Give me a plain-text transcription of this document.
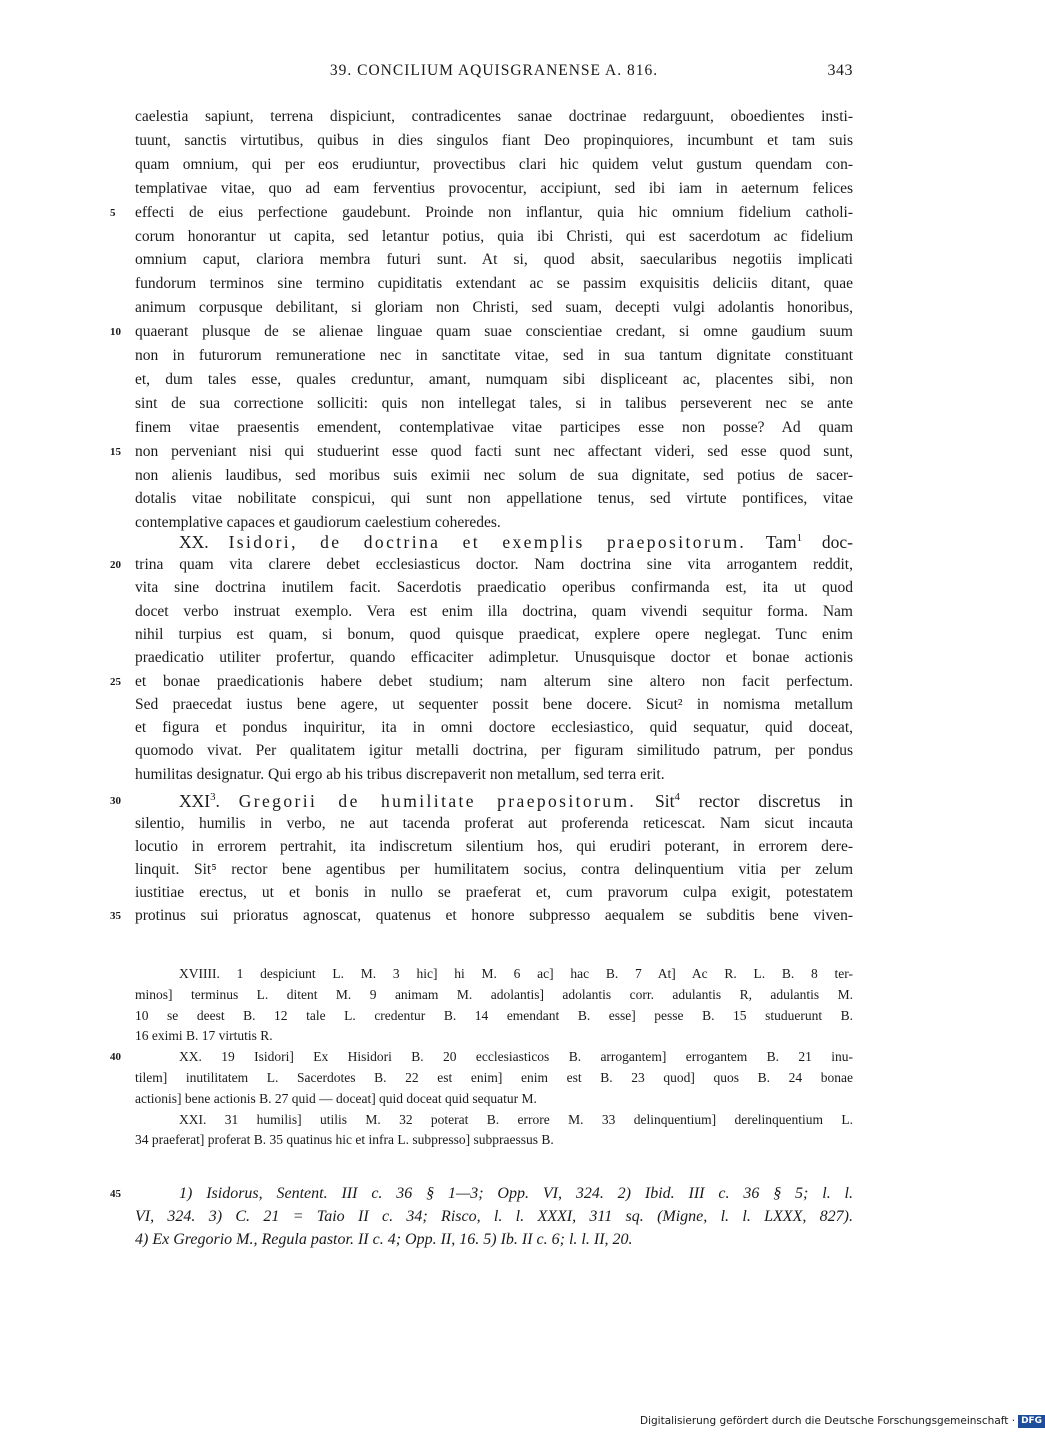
39. CONCILIUM AQUISGRANENSE A. 816.	343
caelestia sapiunt, terrena dispiciunt, contradicentes sanae doctrinae redarguunt, oboedientes insti-
tuunt, sanctis virtutibus, quibus in dies singulos fiant Deo propinquiores, incumbunt et tam suis
quam omnium, qui per eos erudiuntur, provectibus clari hic quidem velut gustum quendam con-
templativae vitae, quo ad eam ferventius provocentur, accipiunt, sed ibi iam in aeternum felices
5	effecti de eius perfectione gaudebunt. Proinde non inflantur, quia hic omnium fidelium catholi-
corum honorantur ut capita, sed letantur potius, quia ibi Christi, qui est sacerdotum ac fidelium
omnium caput, clariora membra futuri sunt. At si, quod absit, saecularibus negotiis implicati
fundorum terminos sine termino cupiditatis extendant ac se passim exquisitis deliciis ditant, quae
animum corpusque debilitant, si gloriam non Christi, sed suam, decepti vulgi adolantis honoribus,
10 quaerant plusque de se alienae linguae quam suae conscientiae credant, si omne gaudium suum
non in futurorum remuneratione nec in sanctitate vitae, sed in sua tantum dignitate constituant
et, dum tales esse, quales creduntur, amant, numquam sibi displiceant ac, placentes sibi, non
sint de sua correctione solliciti: quis non intellegat tales, si in talibus perseverent nec se ante
finem vitae praesentis emendent, contemplativae vitae participes esse non posse? Ad quam
15 non perveniant nisi qui studuerint esse quod facti sunt nec affectant videri, sed esse quod sunt,
non alienis laudibus, sed moribus suis eximii nec solum de sua dignitate, sed potius de sacer-
dotalis vitae nobilitate conspicui, qui sunt non appellatione tenus, sed virtute pontifices, vitae
contemplative capaces et gaudiorum caelestium coheredes.
XX. Isidori, de doctrina et exemplis praepositorum. Tam$^1$ doc-
20 trina quam vita clarere debet ecclesiasticus doctor. Nam doctrina sine vita arrogantem reddit,
vita sine doctrina inutilem facit. Sacerdotis praedicatio operibus confirmanda est, ita ut quod
docet verbo instruat exemplo. Vera est enim illa doctrina, quam vivendi sequitur forma. Nam
nihil turpius est quam, si bonum, quod quisque praedicat, explere opere neglegat. Tunc enim
praedicatio utiliter profertur, quando efficaciter adimpletur. Unusquisque doctor et bonae actionis
25 et bonae praedicationis habere debet studium; nam alterum sine altero non facit perfectum.
Sed praecedat iustus bene agere, ut sequenter possit bene docere. Sicut² in nomisma metallum
et figura et pondus inquiritur, ita in omni doctore ecclesiastico, quid sequatur, quid doceat,
quomodo vivat. Per qualitatem igitur metalli doctrina, per figuram similitudo patrum, per pondus
humilitas designatur. Qui ergo ab his tribus discrepaverit non metallum, sed terra erit.
30	XXI$^3$. Gregorii de humilitate praepositorum. Sit$^4$ rector discretus in
silentio, humilis in verbo, ne aut tacenda proferat aut proferenda reticescat. Nam sicut incauta
locutio in errorem pertrahit, ita indiscretum silentium hos, qui erudiri poterant, in errorem dere-
linquit. Sit⁵ rector bene agentibus per humilitatem socius, contra delinquentium vitia per zelum
iustitiae erectus, ut et bonis in nullo se praeferat et, cum pravorum culpa exigit, potestatem
35 protinus sui prioratus agnoscat, quatenus et honore subpresso aequalem se subditis bene viven-
XVIIII. 1 despiciunt L. M. 3 hic] hi M. 6 ac] hac B. 7 At] Ac R. L. B. 8 ter-
minos] terminus L. ditent M. 9 animam M. adolantis] adolantis corr. adulantis R, adulantis M.
10 se deest B. 12 tale L. credentur B. 14 emendant B. esse] pesse B. 15 studuerunt B.
16 eximi B. 17 virtutis R.
40	XX. 19 Isidori] Ex Hisidori B. 20 ecclesiasticos B. arrogantem] errogantem B. 21 inu-
tilem] inutilitatem L. Sacerdotes B. 22 est enim] enim est B. 23 quod] quos B. 24 bonae
actionis] bene actionis B. 27 quid — doceat] quid doceat quid sequatur M.
XXI. 31 humilis] utilis M. 32 poterat B. errore M. 33 delinquentium] derelinquentium L.
34 praeferat] proferat B. 35 quatinus hic et infra L. subpresso] subpraessus B.
45	1) Isidorus, Sentent. III c. 36 § 1—3; Opp. VI, 324. 2) Ibid. III c. 36 § 5; l. l.
VI, 324. 3) C. 21 = Taio II c. 34; Risco, l. l. XXXI, 311 sq. (Migne, l. l. LXXX, 827).
4) Ex Gregorio M., Regula pastor. II c. 4; Opp. II, 16. 5) Ib. II c. 6; l. l. II, 20.
Digitalisierung gefördert durch die Deutsche Forschungsgemeinschaft · DFG
